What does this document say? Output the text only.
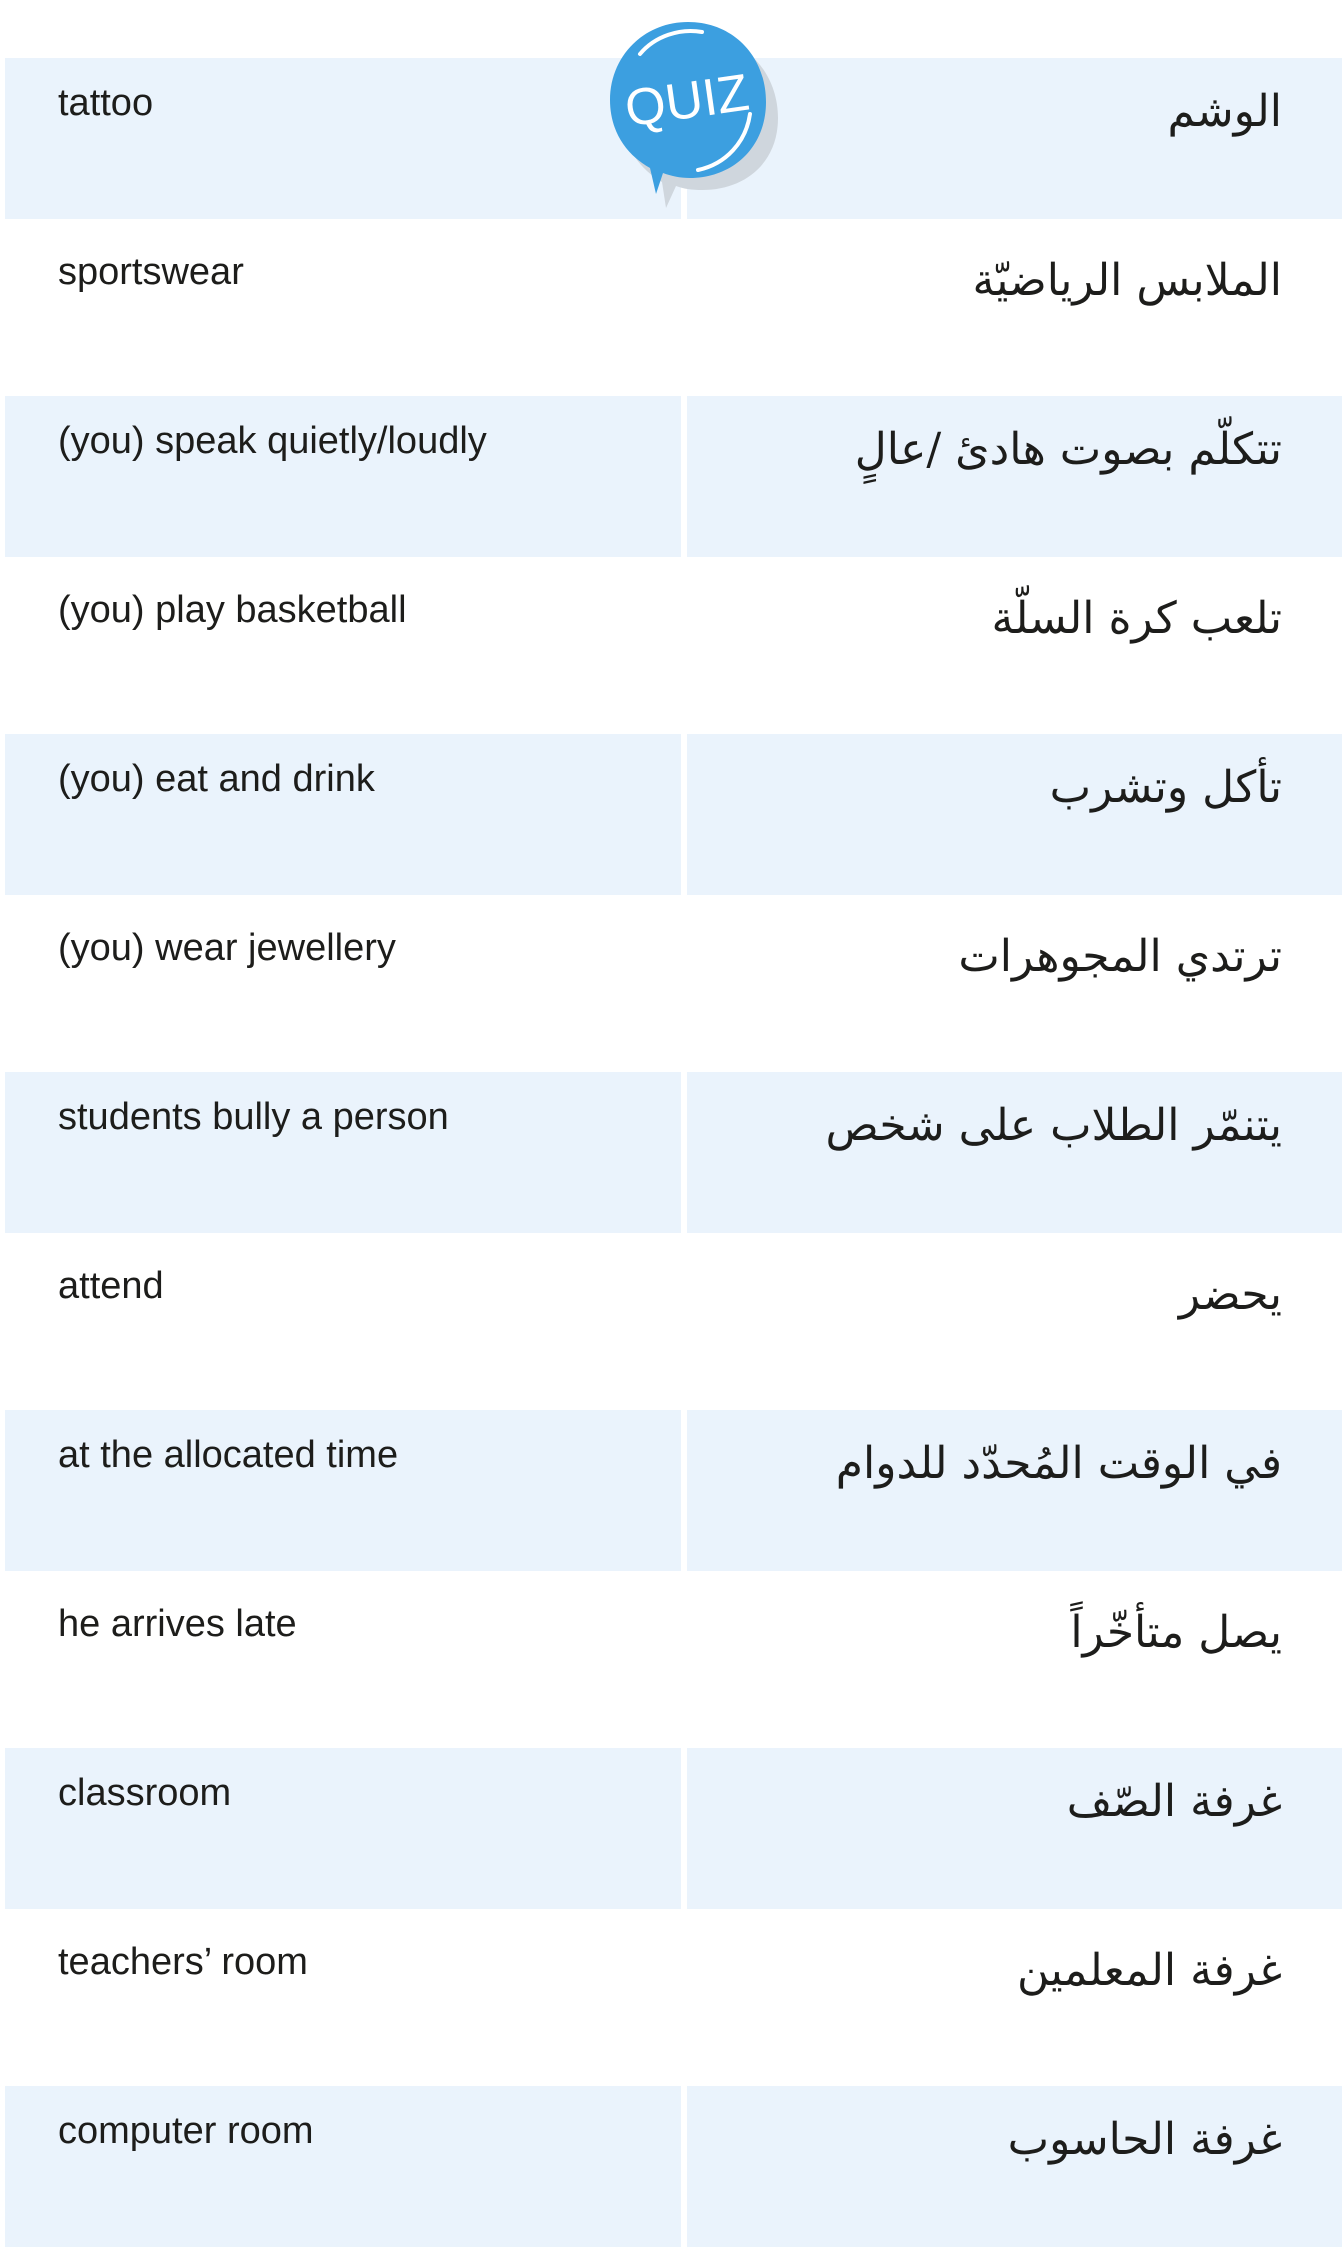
tattoo	الوشم
sportswear	الملابس الرياضيّة
(you) speak quietly/loudly	تتكلّم بصوت هادئ /عالٍ
(you) play basketball	تلعب كرة السلّة
(you) eat and drink	تأكل وتشرب
(you) wear jewellery	ترتدي المجوهرات
students bully a person	يتنمّر الطلاب على شخص
attend	يحضر
at the allocated time	في الوقت المُحدّد للدوام
he arrives late	يصل متأخّراً
classroom	غرفة الصّف
teachers’ room	غرفة المعلمين
computer room	غرفة الحاسوب
QUIZ
